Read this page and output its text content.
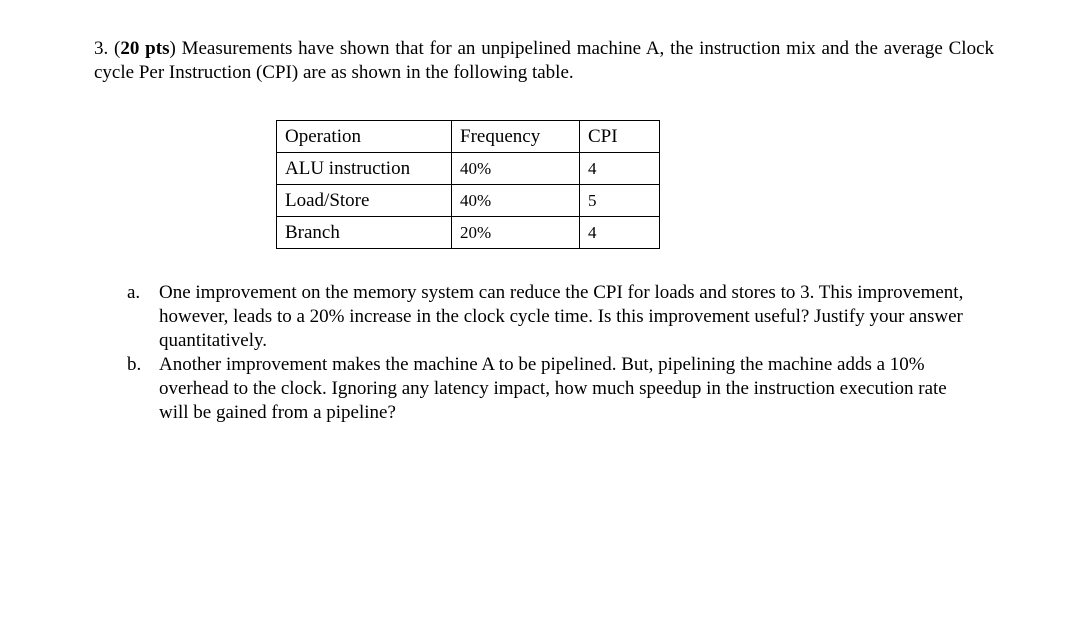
3. (20 pts) Measurements have shown that for an unpipelined machine A, the instruction mix and the average Clock cycle Per Instruction (CPI) are as shown in the following table.
Operation	Frequency	CPI
ALU instruction	40%	4
Load/Store	40%	5
Branch	20%	4
a. One improvement on the memory system can reduce the CPI for loads and stores to 3. This improvement, however, leads to a 20% increase in the clock cycle time. Is this improvement useful? Justify your answer quantitatively.
b. Another improvement makes the machine A to be pipelined. But, pipelining the machine adds a 10% overhead to the clock. Ignoring any latency impact, how much speedup in the instruction execution rate will be gained from a pipeline?
